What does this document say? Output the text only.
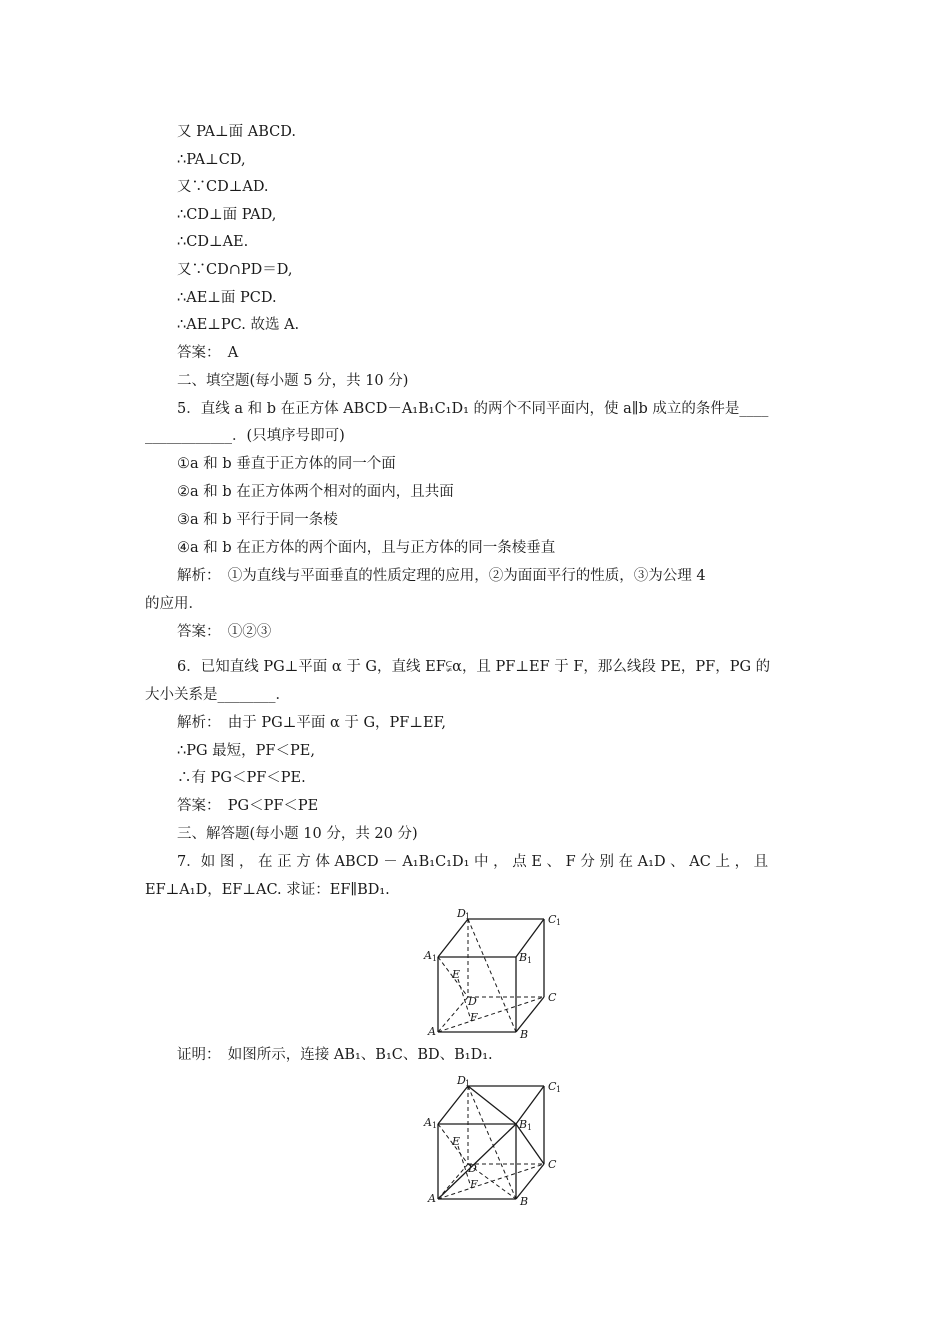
又 PA⊥面 ABCD.
∴PA⊥CD,
又∵CD⊥AD.
∴CD⊥面 PAD,
∴CD⊥AE.
又∵CD∩PD＝D,
∴AE⊥面 PCD.
∴AE⊥PC. 故选 A.
答案：　A
二、填空题(每小题 5 分，共 10 分)
5．直线 a 和 b 在正方体 ABCD－A₁B₁C₁D₁ 的两个不同平面内，使 a∥b 成立的条件是____
____________．(只填序号即可)
①a 和 b 垂直于正方体的同一个面
②a 和 b 在正方体两个相对的面内，且共面
③a 和 b 平行于同一条棱
④a 和 b 在正方体的两个面内，且与正方体的同一条棱垂直
解析：　①为直线与平面垂直的性质定理的应用，②为面面平行的性质，③为公理 4
的应用．
答案：　①②③
6．已知直线 PG⊥平面 α 于 G，直线 EF⫋α，且 PF⊥EF 于 F，那么线段 PE，PF，PG 的
大小关系是________．
解析：　由于 PG⊥平面 α 于 G，PF⊥EF,
∴PG 最短，PF＜PE,
∴有 PG＜PF＜PE.
答案：　PG＜PF＜PE
三、解答题(每小题 10 分，共 20 分)
7．如 图 ， 在 正 方 体 ABCD － A₁B₁C₁D₁ 中 ， 点 E 、 F 分 别 在 A₁D 、 AC 上 ， 且
EF⊥A₁D，EF⊥AC. 求证：EF∥BD₁.
证明：　如图所示，连接 AB₁、B₁C、BD、B₁D₁.
D 1	C 1
A 1	B 1
E
D
F
C
A	B
D 1	C 1
A 1	B 1
E
D
F
C
A	B
